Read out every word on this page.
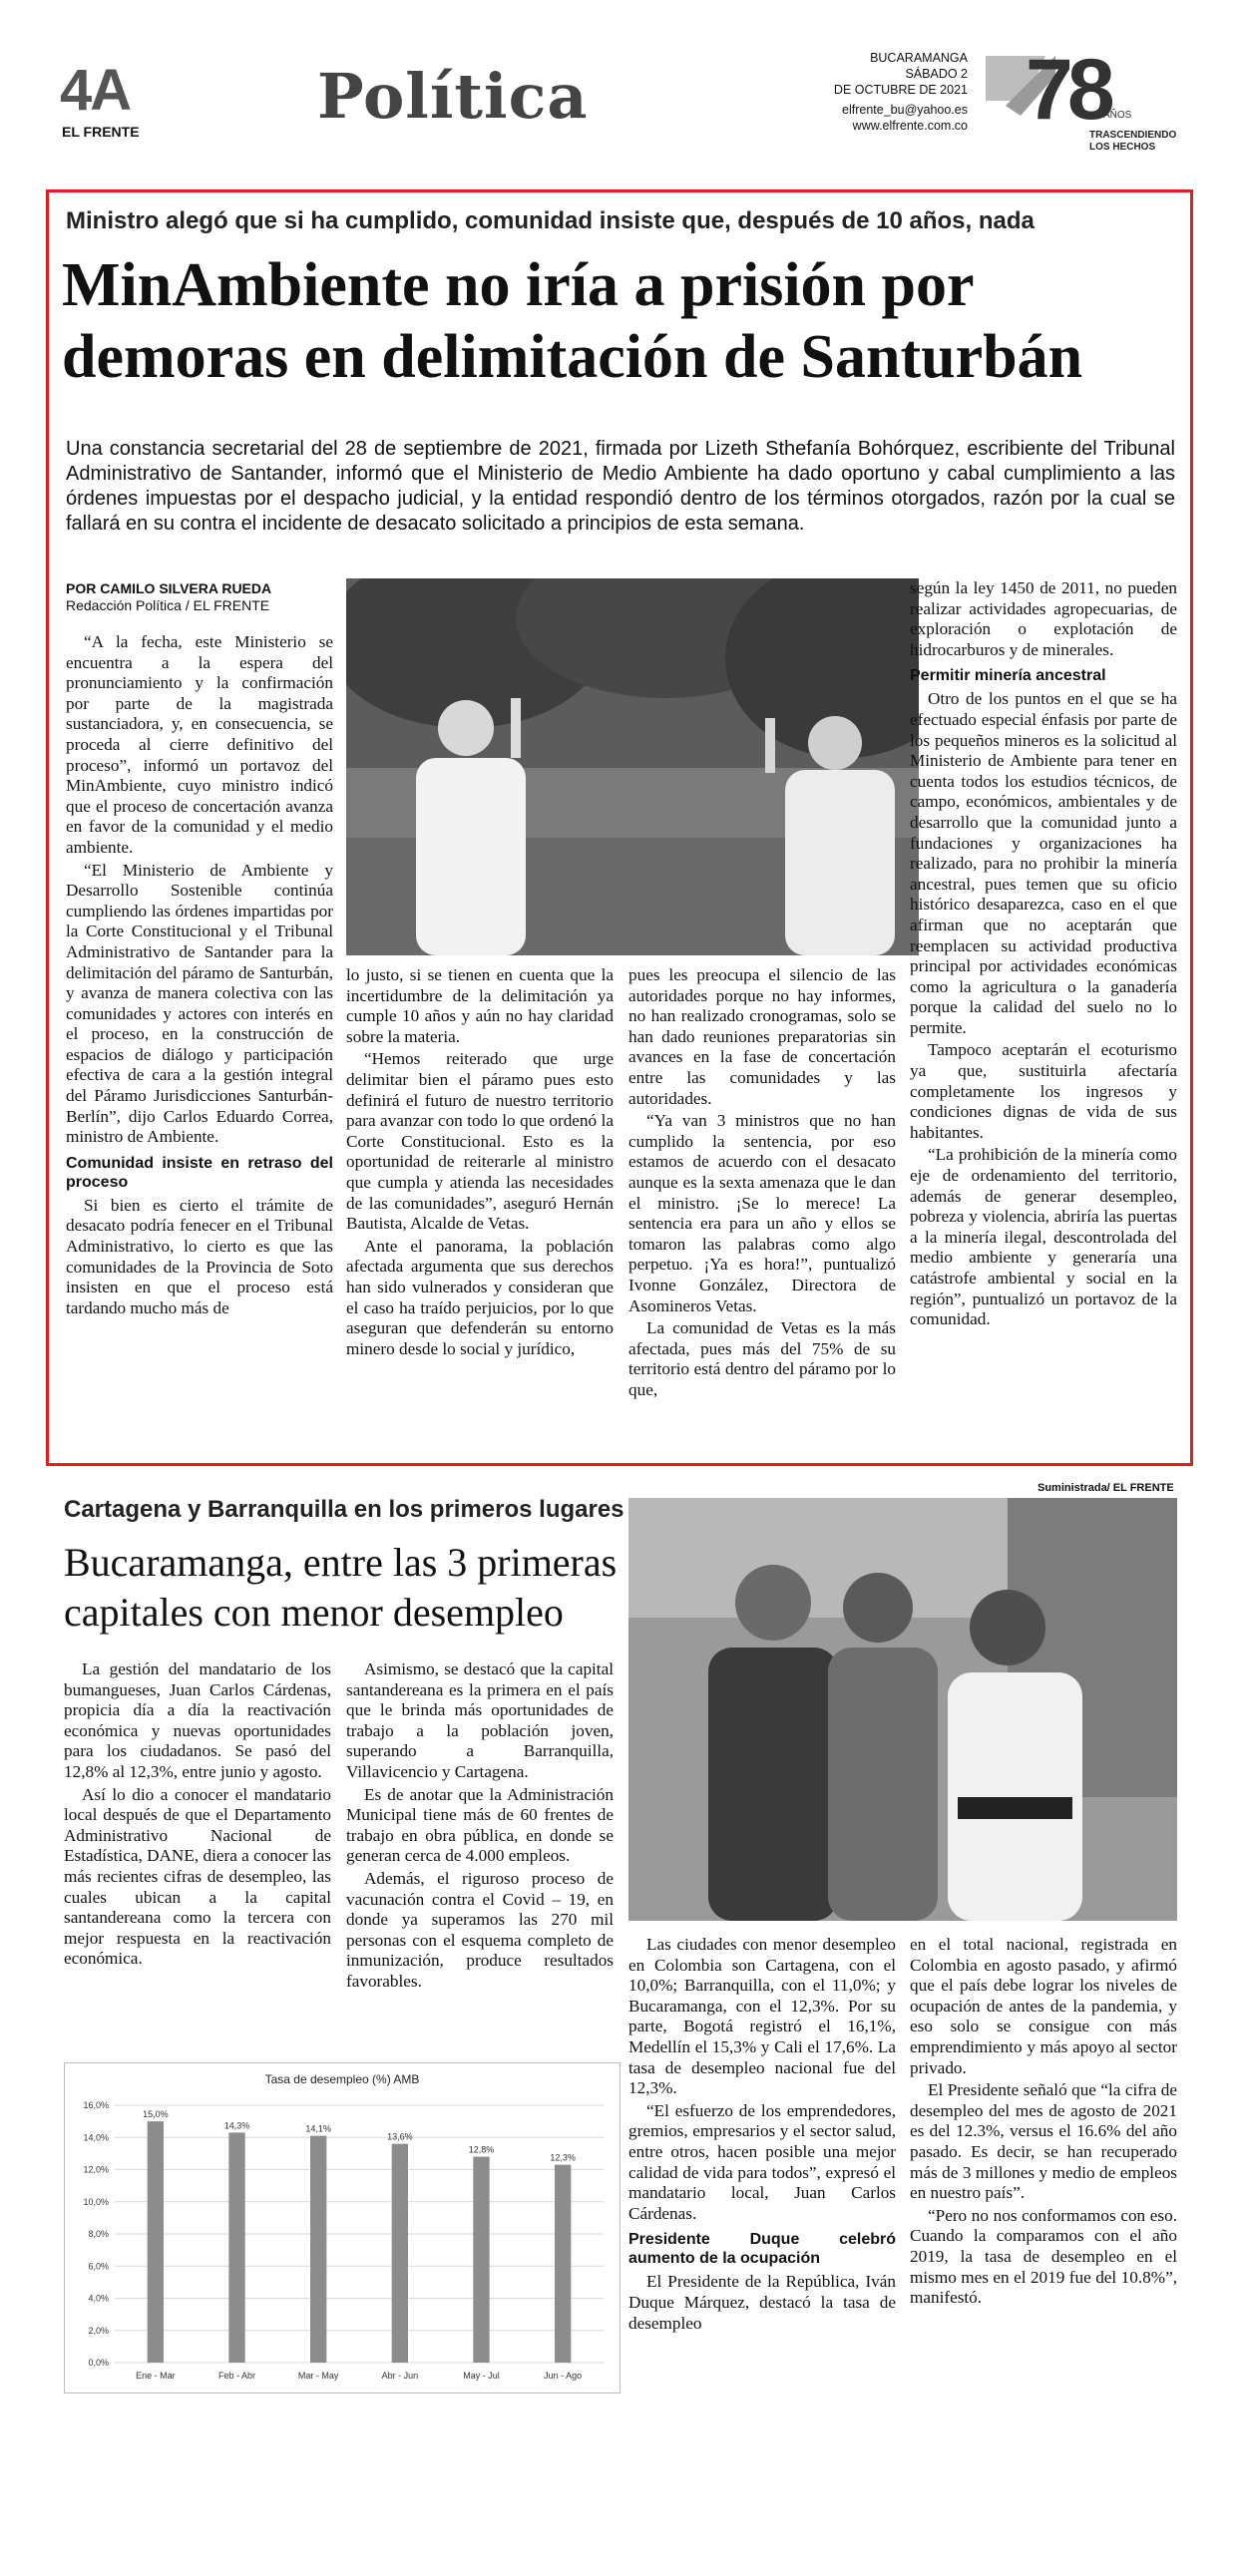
4A
EL FRENTE	Política
BUCARAMANGA
SÁBADO 2
DE OCTUBRE DE 2021
elfrente_bu@yahoo.es
www.elfrente.com.co 78
AÑOS
TRASCENDIENDO
LOS HECHOS
Ministro alegó que si ha cumplido, comunidad insiste que, después de 10 años, nada
MinAmbiente no iría a prisión por
demoras en delimitación de Santurbán
Una constancia secretarial del 28 de septiembre de 2021, firmada por Lizeth Sthefanía Bohórquez, escribiente del Tribunal Administrativo de Santander, informó que el Ministerio de Medio Ambiente ha dado oportuno y cabal cumplimiento a las órdenes impuestas por el despacho judicial, y la entidad respondió dentro de los términos otorgados, razón por la cual se fallará en su contra el incidente de desacato solicitado a principios de esta semana.
POR CAMILO SILVERA RUEDA
Redacción Política / EL FRENTE

“A la fecha, este Ministerio se encuentra a la espera del pronunciamiento y la confirmación por parte de la magistrada sustanciadora, y, en consecuencia, se proceda al cierre definitivo del proceso”, informó un portavoz del MinAmbiente, cuyo ministro indicó que el proceso de concertación avanza en favor de la comunidad y el medio ambiente.

“El Ministerio de Ambiente y Desarrollo Sostenible continúa cumpliendo las órdenes impartidas por la Corte Constitucional y el Tribunal Administrativo de Santander para la delimitación del páramo de Santurbán, y avanza de manera colectiva con las comunidades y actores con interés en el proceso, en la construcción de espacios de diálogo y participación efectiva de cara a la gestión integral del Páramo Jurisdicciones Santurbán-Berlín”, dijo Carlos Eduardo Correa, ministro de Ambiente.

Comunidad insiste en retraso del proceso

Si bien es cierto el trámite de desacato podría fenecer en el Tribunal Administrativo, lo cierto es que las comunidades de la Provincia de Soto insisten en que el proceso está tardando mucho más de

lo justo, si se tienen en cuenta que la incertidumbre de la delimitación ya cumple 10 años y aún no hay claridad sobre la materia.

“Hemos reiterado que urge delimitar bien el páramo pues esto definirá el futuro de nuestro territorio para avanzar con todo lo que ordenó la Corte Constitucional. Esto es la oportunidad de reiterarle al ministro que cumpla y atienda las necesidades de las comunidades”, aseguró Hernán Bautista, Alcalde de Vetas.

Ante el panorama, la población afectada argumenta que sus derechos han sido vulnerados y consideran que el caso ha traído perjuicios, por lo que aseguran que defenderán su entorno minero desde lo social y jurídico,

pues les preocupa el silencio de las autoridades porque no hay informes, no han realizado cronogramas, solo se han dado reuniones preparatorias sin avances en la fase de concertación entre las comunidades y las autoridades.

“Ya van 3 ministros que no han cumplido la sentencia, por eso estamos de acuerdo con el desacato aunque es la sexta amenaza que le dan el ministro. ¡Se lo merece! La sentencia era para un año y ellos se tomaron las palabras como algo perpetuo. ¡Ya es hora!”, puntualizó Ivonne González, Directora de Asomineros Vetas.

La comunidad de Vetas es la más afectada, pues más del 75% de su territorio está dentro del páramo por lo que,

según la ley 1450 de 2011, no pueden realizar actividades agropecuarias, de exploración o explotación de hidrocarburos y de minerales.

Permitir minería ancestral

Otro de los puntos en el que se ha efectuado especial énfasis por parte de los pequeños mineros es la solicitud al Ministerio de Ambiente para tener en cuenta todos los estudios técnicos, de campo, económicos, ambientales y de desarrollo que la comunidad junto a fundaciones y organizaciones ha realizado, para no prohibir la minería ancestral, pues temen que su oficio histórico desaparezca, caso en el que afirman que no aceptarán que reemplacen su actividad productiva principal por actividades económicas como la agricultura o la ganadería porque la calidad del suelo no lo permite.

Tampoco aceptarán el ecoturismo ya que, sustituirla afectaría completamente los ingresos y condiciones dignas de vida de sus habitantes.

“La prohibición de la minería como eje de ordenamiento del territorio, además de generar desempleo, pobreza y violencia, abriría las puertas a la minería ilegal, descontrolada del medio ambiente y generaría una catástrofe ambiental y social en la región”, puntualizó un portavoz de la comunidad.

Cartagena y Barranquilla en los primeros lugares
Bucaramanga, entre las 3 primeras
capitales con menor desempleo
Suministrada/ EL FRENTE

La gestión del mandatario de los bumangueses, Juan Carlos Cárdenas, propicia día a día la reactivación económica y nuevas oportunidades para los ciudadanos. Se pasó del 12,8% al 12,3%, entre junio y agosto.

Así lo dio a conocer el mandatario local después de que el Departamento Administrativo Nacional de Estadística, DANE, diera a conocer las más recientes cifras de desempleo, las cuales ubican a la capital santandereana como la tercera con mejor respuesta en la reactivación económica.

Asimismo, se destacó que la capital santandereana es la primera en el país que le brinda más oportunidades de trabajo a la población joven, superando a Barranquilla, Villavicencio y Cartagena.

Es de anotar que la Administración Municipal tiene más de 60 frentes de trabajo en obra pública, en donde se generan cerca de 4.000 empleos.

Además, el riguroso proceso de vacunación contra el Covid – 19, en donde ya superamos las 270 mil personas con el esquema completo de inmunización, produce resultados favorables.

Las ciudades con menor desempleo en Colombia son Cartagena, con el 10,0%; Barranquilla, con el 11,0%; y Bucaramanga, con el 12,3%. Por su parte, Bogotá registró el 16,1%, Medellín el 15,3% y Cali el 17,6%. La tasa de desempleo nacional fue del 12,3%.

“El esfuerzo de los emprendedores, gremios, empresarios y el sector salud, entre otros, hacen posible una mejor calidad de vida para todos”, expresó el mandatario local, Juan Carlos Cárdenas.

Presidente Duque celebró aumento de la ocupación

El Presidente de la República, Iván Duque Márquez, destacó la tasa de desempleo

en el total nacional, registrada en Colombia en agosto pasado, y afirmó que el país debe lograr los niveles de ocupación de antes de la pandemia, y eso solo se consigue con más emprendimiento y más apoyo al sector privado.

El Presidente señaló que “la cifra de desempleo del mes de agosto de 2021 es del 12.3%, versus el 16.6% del año pasado. Es decir, se han recuperado más de 3 millones y medio de empleos en nuestro país”.

“Pero no nos conformamos con eso. Cuando la comparamos con el año 2019, la tasa de desempleo en el mismo mes en el 2019 fue del 10.8%”, manifestó.

Tasa de desempleo (%) AMB
0,0%
2,0%
4,0%
6,0%
8,0%
10,0%
12,0%
14,0%
16,0%
15,0%
Ene - Mar
14,3%
Feb - Abr
14,1%
Mar - May
13,6%
Abr - Jun
12,8%
May - Jul
12,3%
Jun - Ago
